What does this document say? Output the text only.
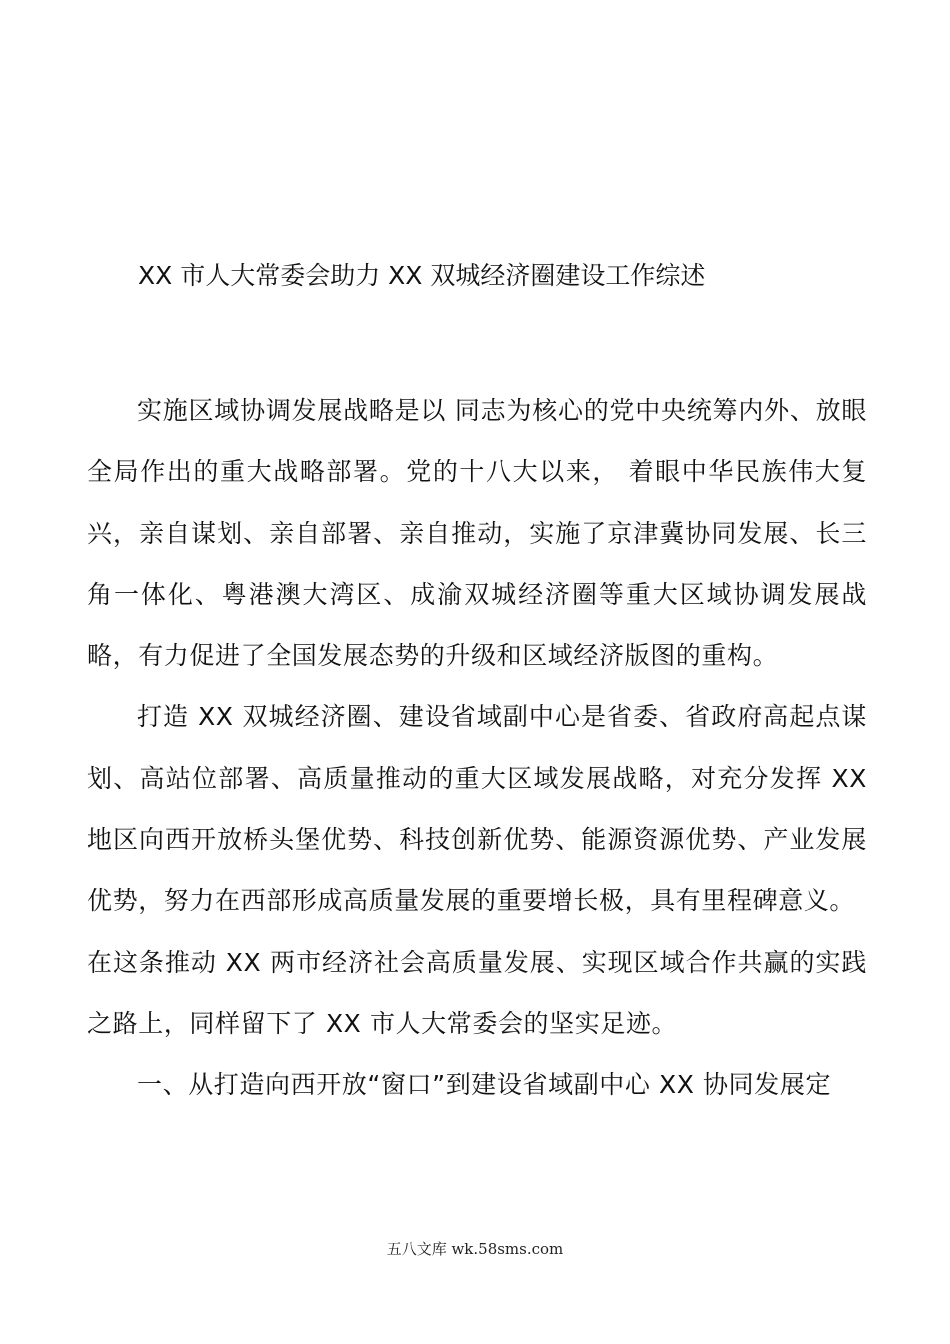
XX 市人大常委会助力 XX 双城经济圈建设工作综述

实施区域协调发展战略是以 同志为核心的党中央统筹内外、放眼全局作出的重大战略部署。党的十八大以来， 着眼中华民族伟大复兴，亲自谋划、亲自部署、亲自推动，实施了京津冀协同发展、长三角一体化、粤港澳大湾区、成渝双城经济圈等重大区域协调发展战略，有力促进了全国发展态势的升级和区域经济版图的重构。

打造 XX 双城经济圈、建设省域副中心是省委、省政府高起点谋划、高站位部署、高质量推动的重大区域发展战略，对充分发挥 XX 地区向西开放桥头堡优势、科技创新优势、能源资源优势、产业发展优势，努力在西部形成高质量发展的重要增长极，具有里程碑意义。

在这条推动 XX 两市经济社会高质量发展、实现区域合作共赢的实践之路上，同样留下了 XX 市人大常委会的坚实足迹。

一、从打造向西开放“窗口”到建设省域副中心 XX 协同发展定

五八文库 wk.58sms.com
